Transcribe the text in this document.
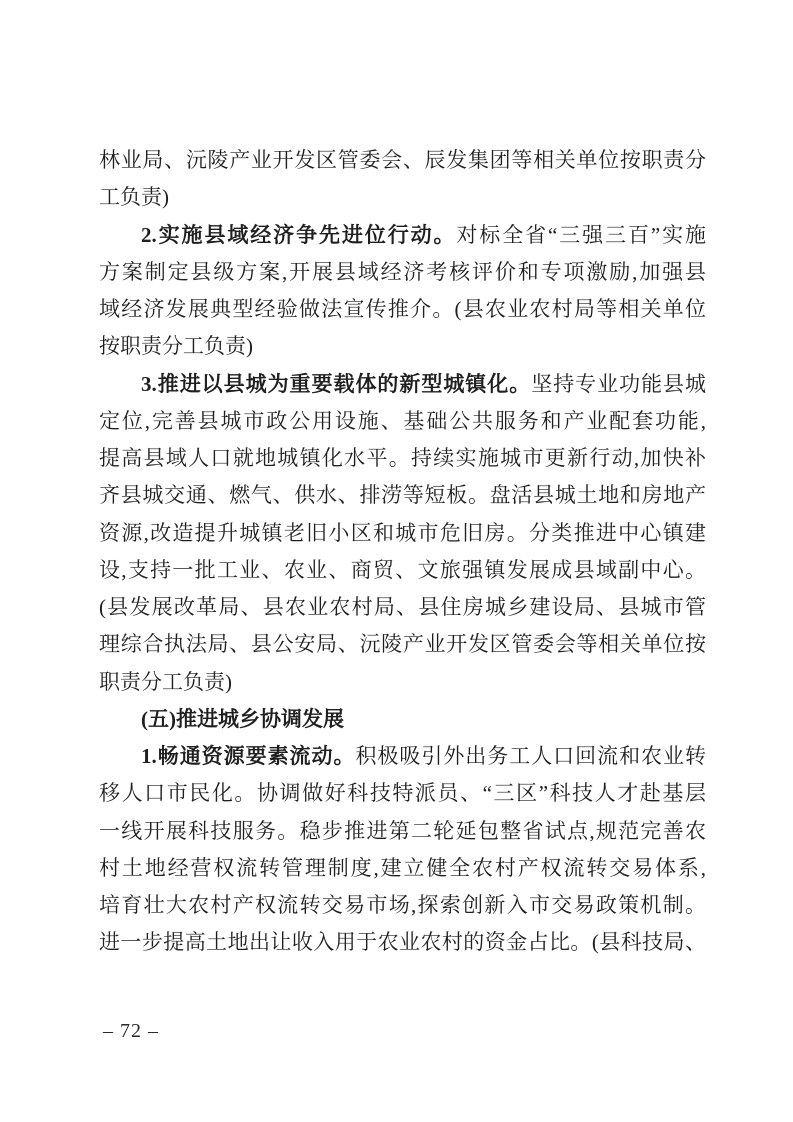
林业局、沅陵产业开发区管委会、辰发集团等相关单位按职责分
工负责)
2.实施县域经济争先进位行动。对标全省“三强三百”实施
方案制定县级方案,开展县域经济考核评价和专项激励,加强县
域经济发展典型经验做法宣传推介。(县农业农村局等相关单位
按职责分工负责)
3.推进以县城为重要载体的新型城镇化。坚持专业功能县城
定位,完善县城市政公用设施、基础公共服务和产业配套功能,
提高县域人口就地城镇化水平。持续实施城市更新行动,加快补
齐县城交通、燃气、供水、排涝等短板。盘活县城土地和房地产
资源,改造提升城镇老旧小区和城市危旧房。分类推进中心镇建
设,支持一批工业、农业、商贸、文旅强镇发展成县域副中心。
(县发展改革局、县农业农村局、县住房城乡建设局、县城市管
理综合执法局、县公安局、沅陵产业开发区管委会等相关单位按
职责分工负责)
(五)推进城乡协调发展
1.畅通资源要素流动。积极吸引外出务工人口回流和农业转
移人口市民化。协调做好科技特派员、“三区”科技人才赴基层
一线开展科技服务。稳步推进第二轮延包整省试点,规范完善农
村土地经营权流转管理制度,建立健全农村产权流转交易体系,
培育壮大农村产权流转交易市场,探索创新入市交易政策机制。
进一步提高土地出让收入用于农业农村的资金占比。(县科技局、
– 72 –
